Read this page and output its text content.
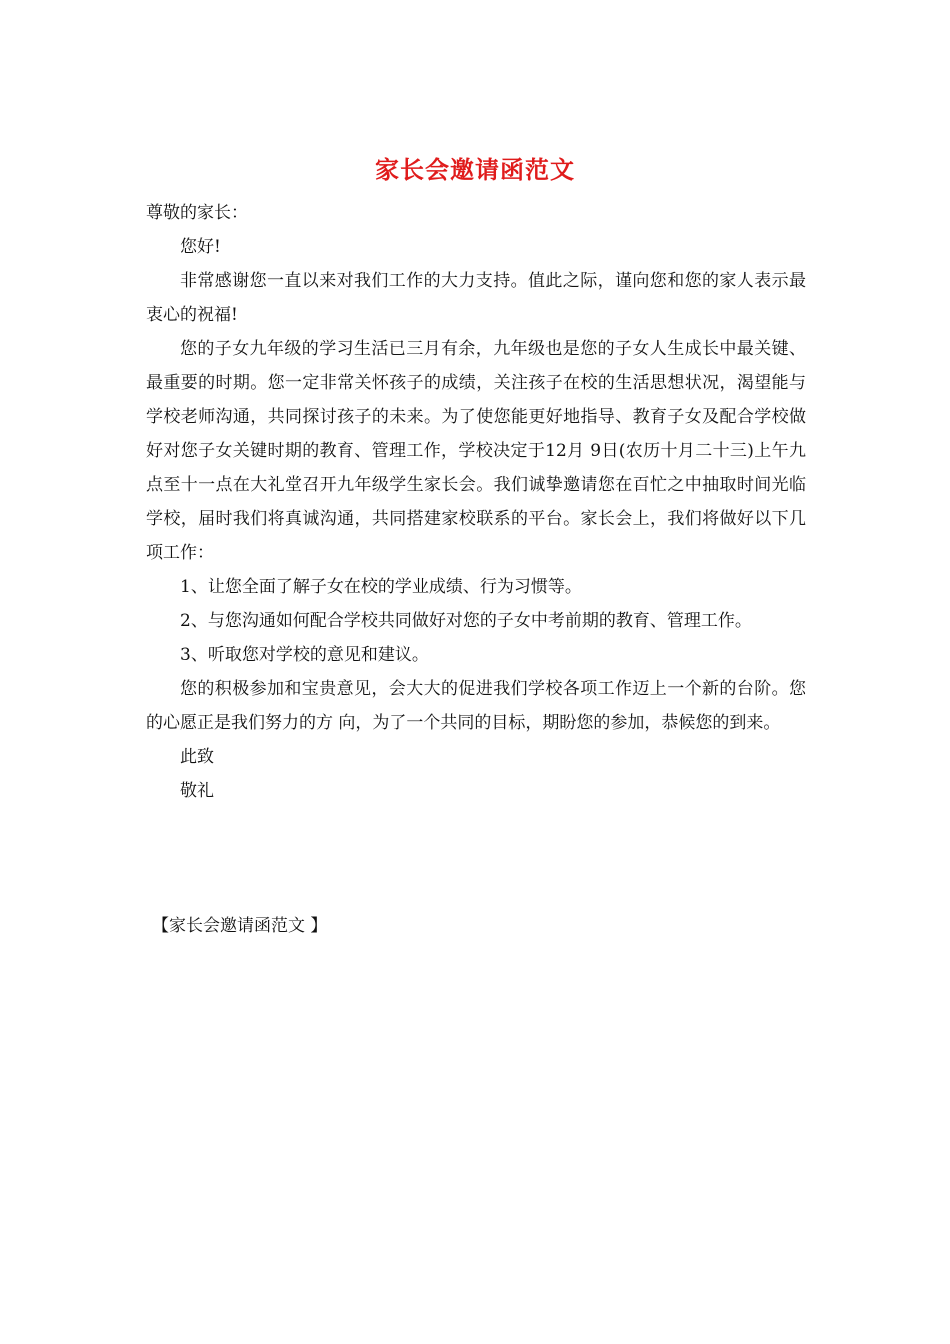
家长会邀请函范文

尊敬的家长：

您好!

非常感谢您一直以来对我们工作的大力支持。值此之际，谨向您和您的家人表示最衷心的祝福!

您的子女九年级的学习生活已三月有余，九年级也是您的子女人生成长中最关键、最重要的时期。您一定非常关怀孩子的成绩，关注孩子在校的生活思想状况，渴望能与学校老师沟通，共同探讨孩子的未来。为了使您能更好地指导、教育子女及配合学校做好对您子女关键时期的教育、管理工作，学校决定于12月 9日(农历十月二十三)上午九点至十一点在大礼堂召开九年级学生家长会。我们诚挚邀请您在百忙之中抽取时间光临学校，届时我们将真诚沟通，共同搭建家校联系的平台。家长会上，我们将做好以下几项工作：

1、让您全面了解子女在校的学业成绩、行为习惯等。

2、与您沟通如何配合学校共同做好对您的子女中考前期的教育、管理工作。

3、听取您对学校的意见和建议。

您的积极参加和宝贵意见，会大大的促进我们学校各项工作迈上一个新的台阶。您的心愿正是我们努力的方 向，为了一个共同的目标，期盼您的参加，恭候您的到来。

此致

敬礼

【家长会邀请函范文 】
